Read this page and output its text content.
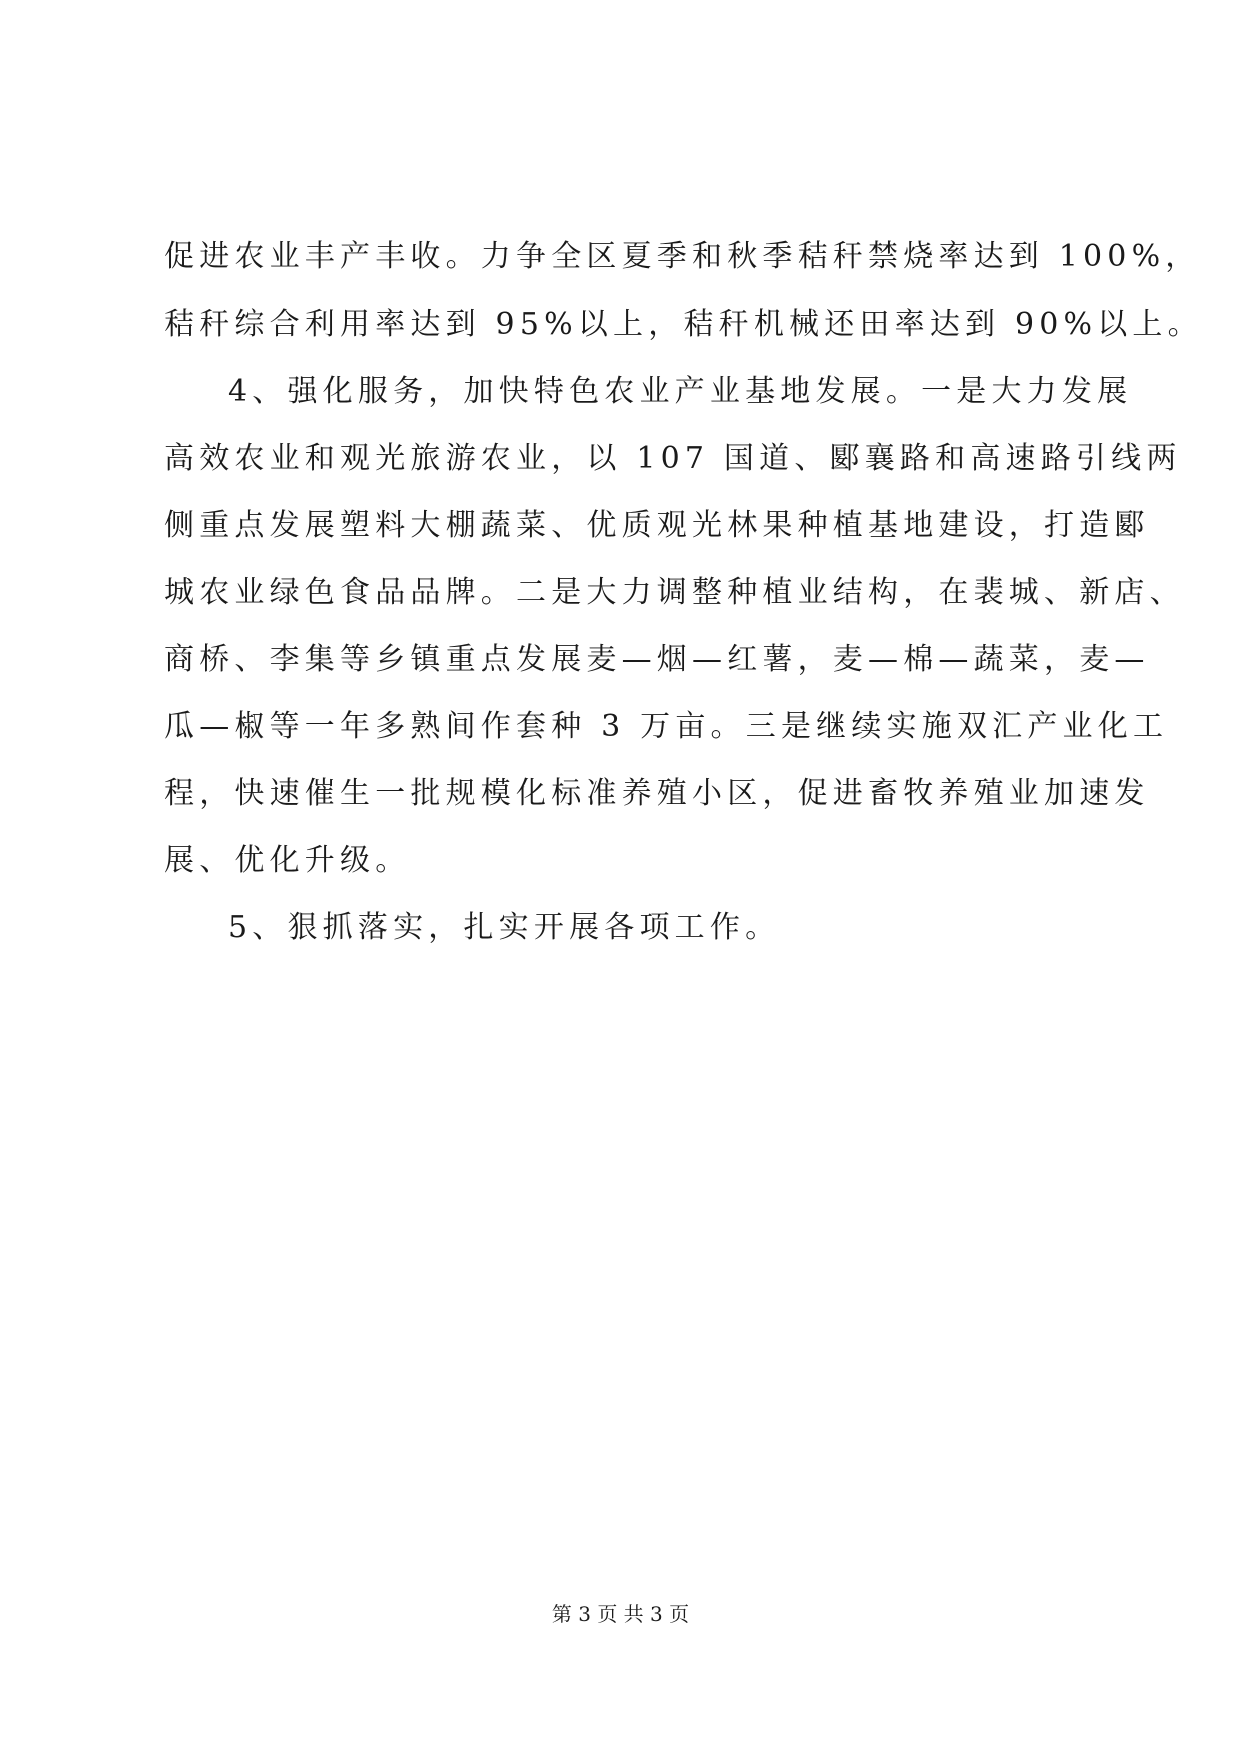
促进农业丰产丰收。力争全区夏季和秋季秸秆禁烧率达到 100%，
秸秆综合利用率达到 95%以上，秸秆机械还田率达到 90%以上。
4、强化服务，加快特色农业产业基地发展。一是大力发展
高效农业和观光旅游农业，以 107 国道、郾襄路和高速路引线两
侧重点发展塑料大棚蔬菜、优质观光林果种植基地建设，打造郾
城农业绿色食品品牌。二是大力调整种植业结构，在裴城、新店、
商桥、李集等乡镇重点发展麦—烟—红薯，麦—棉—蔬菜，麦—
瓜—椒等一年多熟间作套种 3 万亩。三是继续实施双汇产业化工
程，快速催生一批规模化标准养殖小区，促进畜牧养殖业加速发
展、优化升级。
5、狠抓落实，扎实开展各项工作。
第 3 页 共 3 页
